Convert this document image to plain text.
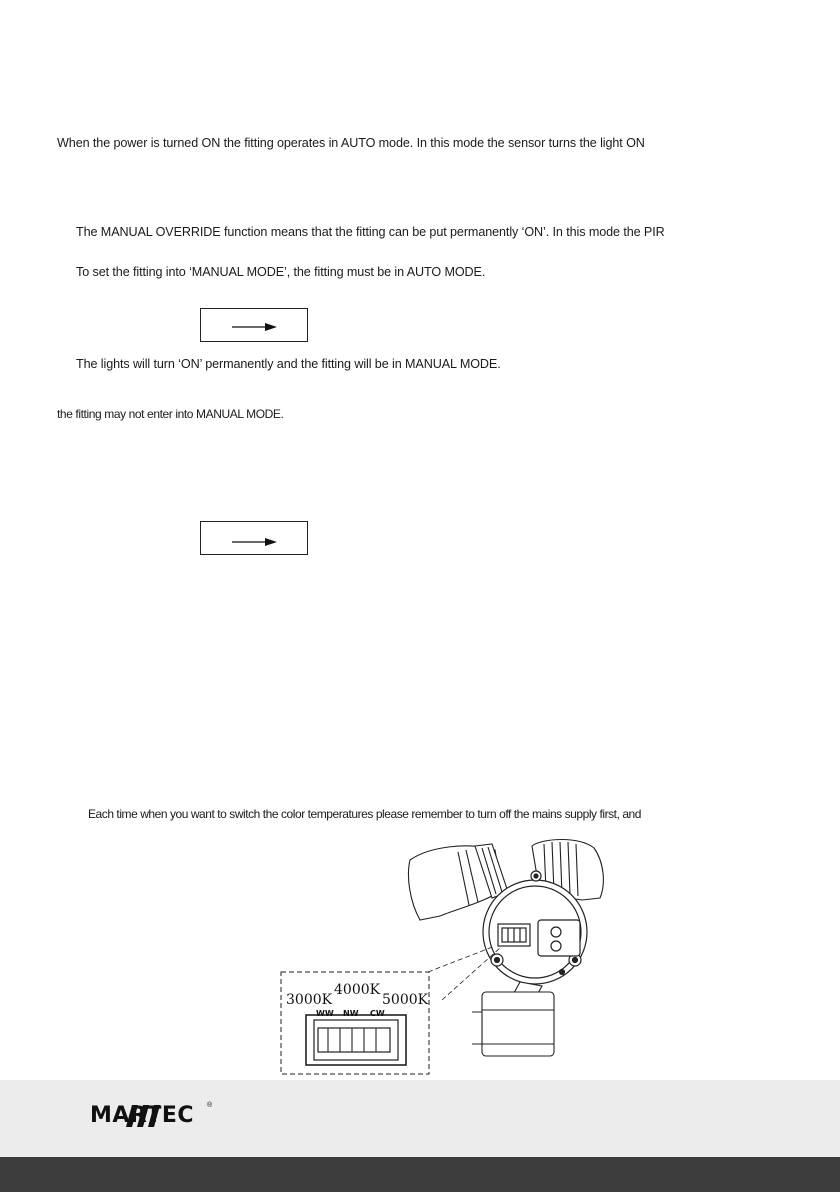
When the power is turned ON the fitting operates in AUTO mode. In this mode the sensor turns the light ON
The MANUAL OVERRIDE function means that the fitting can be put permanently ‘ON’. In this mode the PIR
To set the fitting into ‘MANUAL MODE’, the fitting must be in AUTO MODE.
The lights will turn ‘ON’ permanently and the fitting will be in MANUAL MODE.
the fitting may not enter into MANUAL MODE.
Each time when you want to switch the color temperatures please remember to turn off the mains supply first, and
4000K
3000K	5000K
WW NW CW
MARTEC ®
